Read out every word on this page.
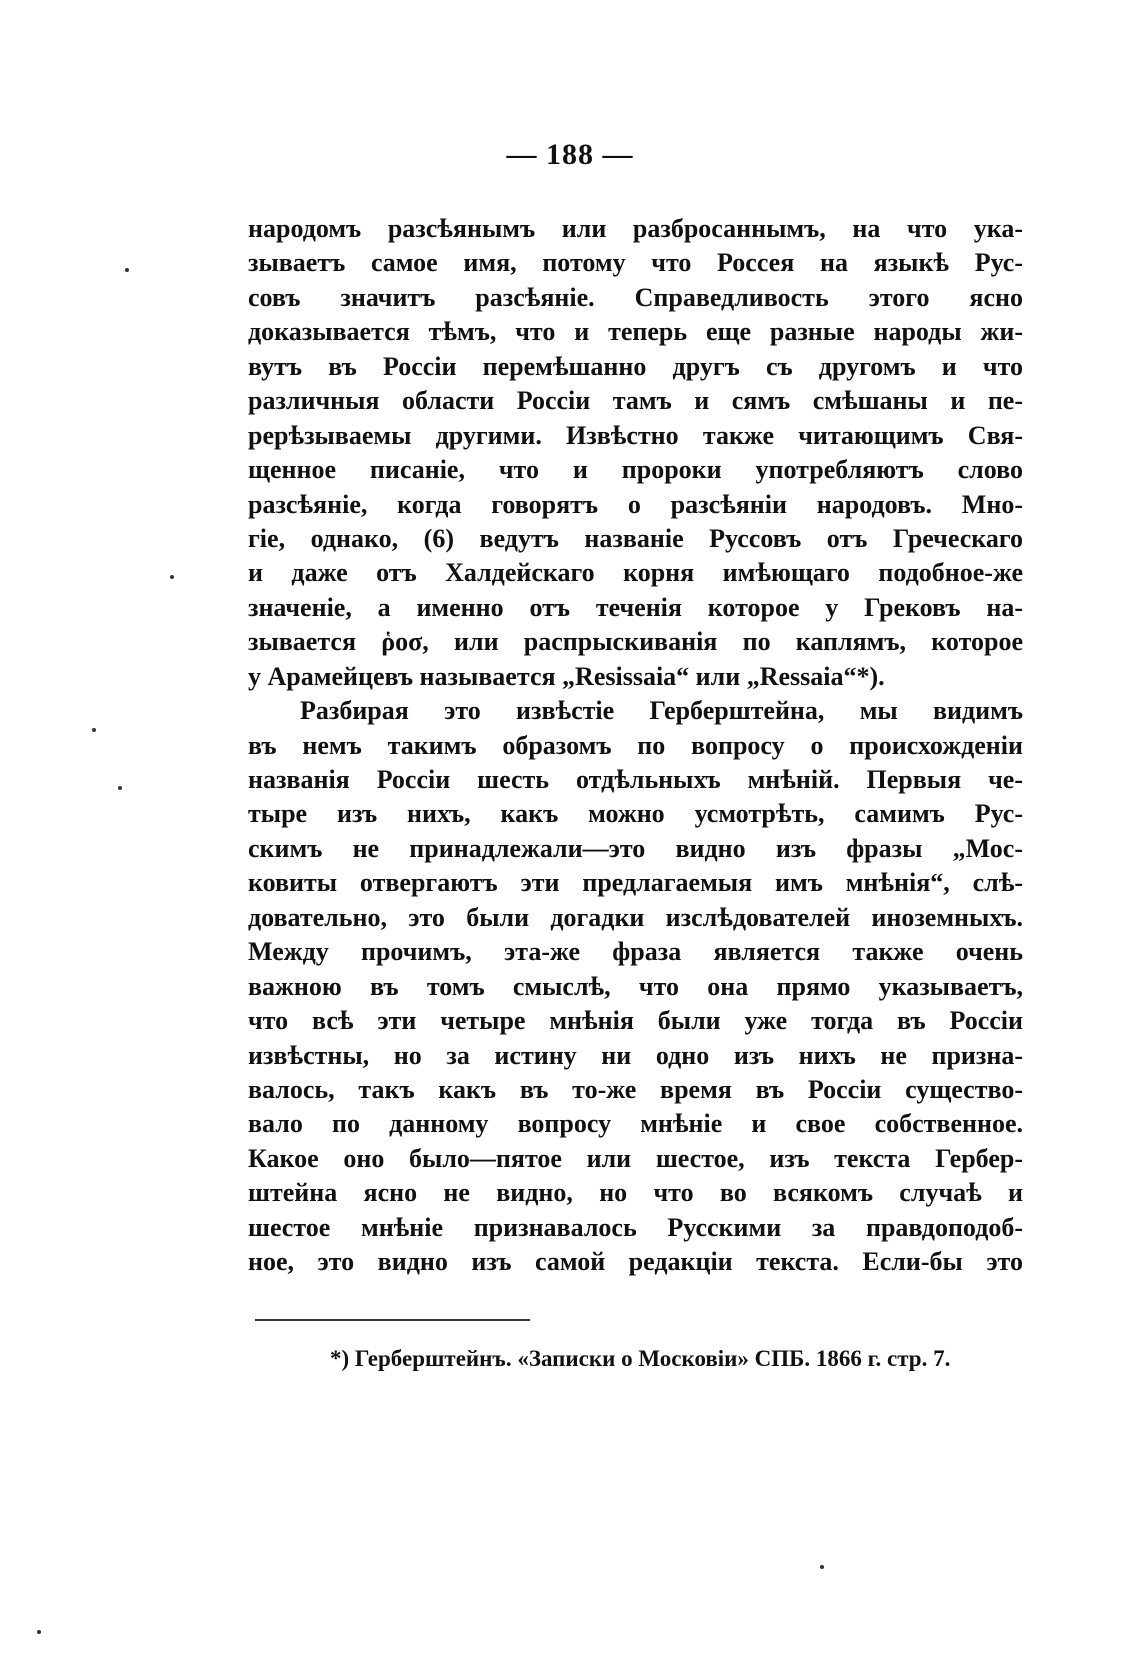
— 188 —
народомъ разсѣянымъ или разбросаннымъ, на что ука-
зываетъ самое имя, потому что Россея на языкѣ Рус-
совъ значитъ разсѣяніе. Справедливость этого ясно
доказывается тѣмъ, что и теперь еще разные народы жи-
вутъ въ Россіи перемѣшанно другъ съ другомъ и что
различныя области Россіи тамъ и сямъ смѣшаны и пе-
рерѣзываемы другими. Извѣстно также читающимъ Свя-
щенное писаніе, что и пророки употребляютъ слово
разсѣяніе, когда говорятъ о разсѣяніи народовъ. Мно-
гіе, однако, (6) ведутъ названіе Руссовъ отъ Греческаго
и даже отъ Халдейскаго корня имѣющаго подобное-же
значеніе, а именно отъ теченія которое у Грековъ на-
зывается ῥοσ, или распрыскиванія по каплямъ, которое
у Арамейцевъ называется „Resissaia“ или „Ressaia“*).
Разбирая это извѣстіе Герберштейна, мы видимъ
въ немъ такимъ образомъ по вопросу о происхожденіи
названія Россіи шесть отдѣльныхъ мнѣній. Первыя че-
тыре изъ нихъ, какъ можно усмотрѣть, самимъ Рус-
скимъ не принадлежали—это видно изъ фразы „Мос-
ковиты отвергаютъ эти предлагаемыя имъ мнѣнія“, слѣ-
довательно, это были догадки изслѣдователей иноземныхъ.
Между прочимъ, эта-же фраза является также очень
важною въ томъ смыслѣ, что она прямо указываетъ,
что всѣ эти четыре мнѣнія были уже тогда въ Россіи
извѣстны, но за истину ни одно изъ нихъ не призна-
валось, такъ какъ въ то-же время въ Россіи существо-
вало по данному вопросу мнѣніе и свое собственное.
Какое оно было—пятое или шестое, изъ текста Гербер-
штейна ясно не видно, но что во всякомъ случаѣ и
шестое мнѣніе признавалось Русскими за правдоподоб-
ное, это видно изъ самой редакціи текста. Если-бы это
*) Герберштейнъ. «Записки о Московіи» СПБ. 1866 г. стр. 7.
